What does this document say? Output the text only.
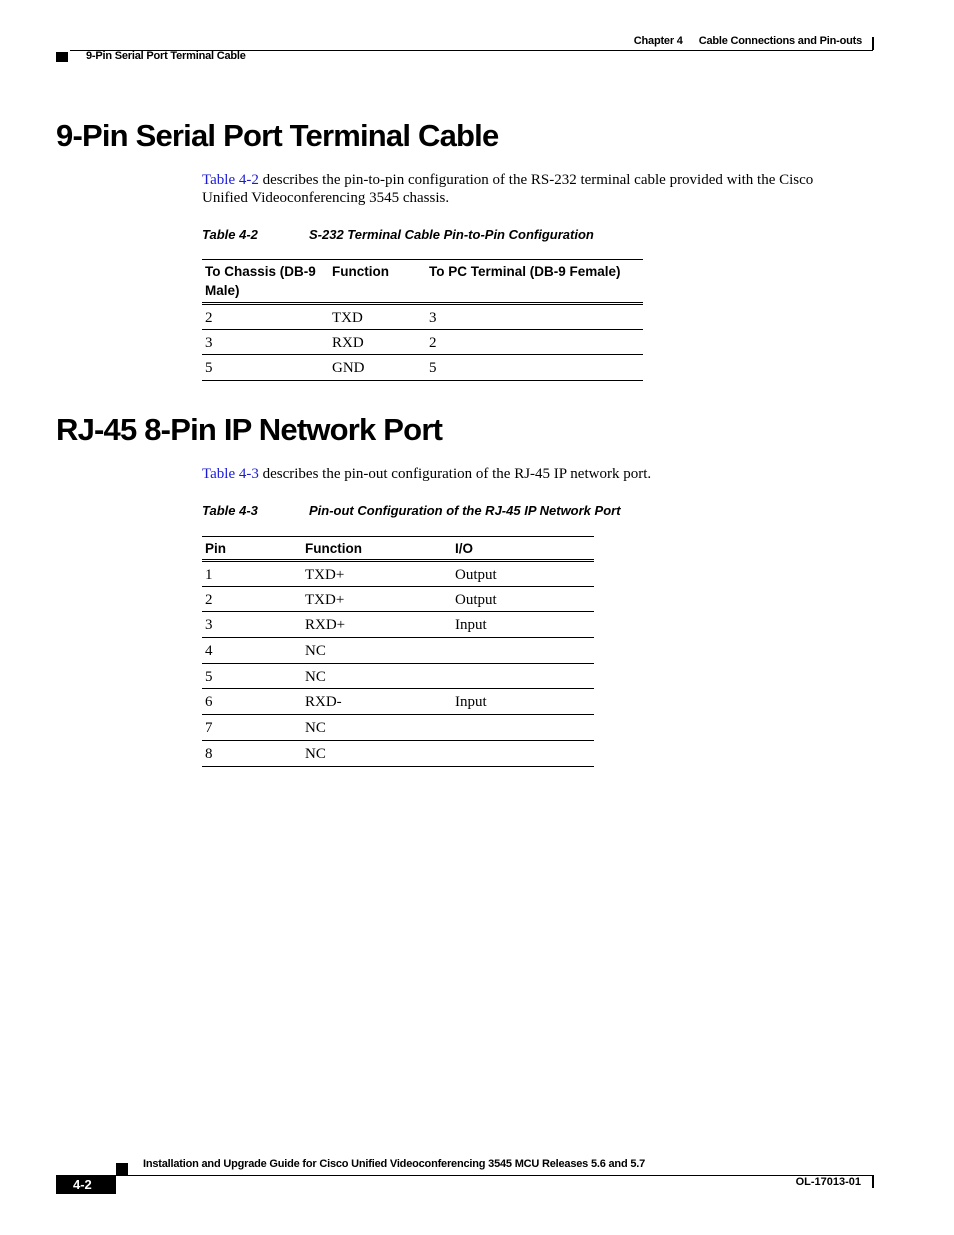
Chapter 4 Cable Connections and Pin-outs
9-Pin Serial Port Terminal Cable
9-Pin Serial Port Terminal Cable

Table 4-2 describes the pin-to-pin configuration of the RS-232 terminal cable provided with the Cisco Unified Videoconferencing 3545 chassis.

Table 4-2	S-232 Terminal Cable Pin-to-Pin Configuration
To Chassis (DB-9 Male)	Function	To PC Terminal (DB-9 Female)
2	TXD	3
3	RXD	2
5	GND	5
RJ-45 8-Pin IP Network Port

Table 4-3 describes the pin-out configuration of the RJ-45 IP network port.

Table 4-3	Pin-out Configuration of the RJ-45 IP Network Port
Pin	Function	I/O
1	TXD+	Output
2	TXD+	Output
3	RXD+	Input
4	NC	
5	NC	
6	RXD-	Input
7	NC	
8	NC	
Installation and Upgrade Guide for Cisco Unified Videoconferencing 3545 MCU Releases 5.6 and 5.7
4-2	OL-17013-01
